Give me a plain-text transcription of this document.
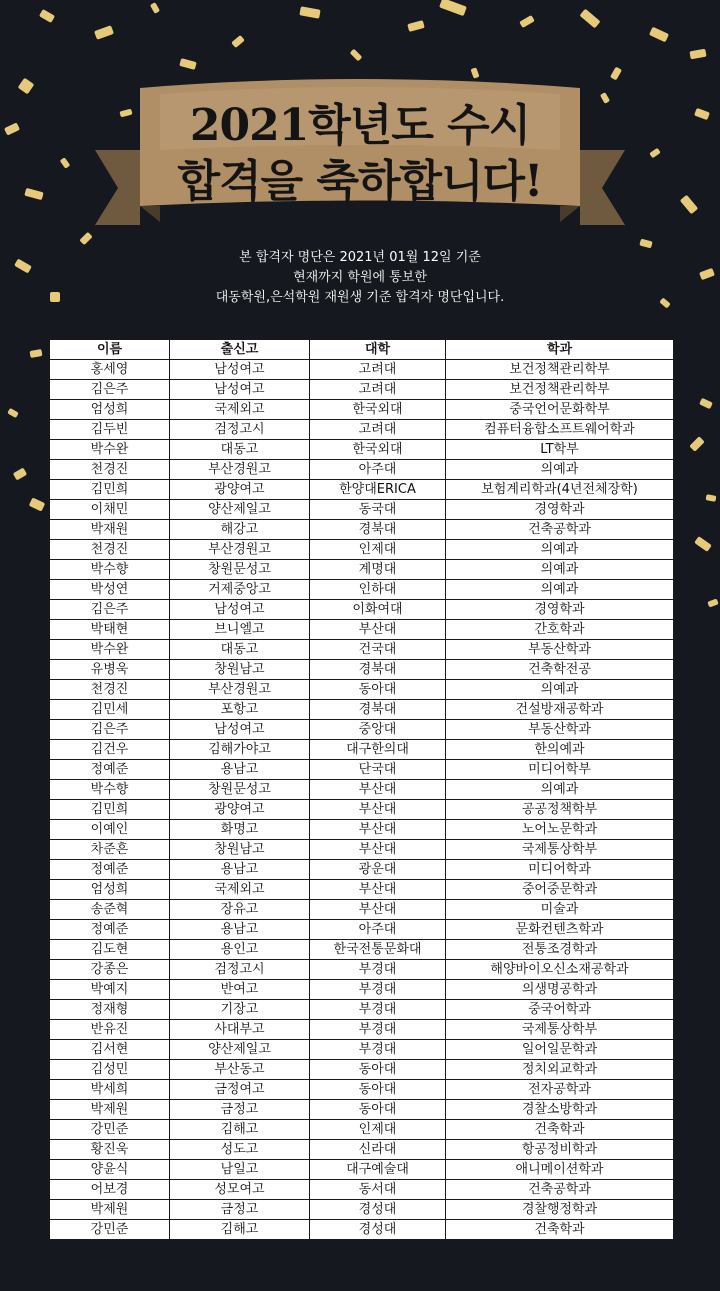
2021학년도 수시
합격을 축하합니다!
본 합격자 명단은 2021년 01월 12일 기준
현재까지 학원에 통보한
대동학원,은석학원 재원생 기준 합격자 명단입니다.
이름	출신고	대학	학과
홍세영	남성여고	고려대	보건정책관리학부
김은주	남성여고	고려대	보건정책관리학부
엄성희	국제외고	한국외대	중국언어문화학부
김두빈	검정고시	고려대	컴퓨터융합소프트웨어학과
박수완	대동고	한국외대	LT학부
천경진	부산경원고	아주대	의예과
김민희	광양여고	한양대ERICA	보험계리학과(4년전체장학)
이채민	양산제일고	동국대	경영학과
박재원	해강고	경북대	건축공학과
천경진	부산경원고	인제대	의예과
박수향	창원문성고	계명대	의예과
박성연	거제중앙고	인하대	의예과
김은주	남성여고	이화여대	경영학과
박태현	브니엘고	부산대	간호학과
박수완	대동고	건국대	부동산학과
유병욱	창원남고	경북대	건축학전공
천경진	부산경원고	동아대	의예과
김민세	포항고	경북대	건설방재공학과
김은주	남성여고	중앙대	부동산학과
김건우	김해가야고	대구한의대	한의예과
정예준	용남고	단국대	미디어학부
박수향	창원문성고	부산대	의예과
김민희	광양여고	부산대	공공정책학부
이예인	화명고	부산대	노어노문학과
차준흔	창원남고	부산대	국제통상학부
정예준	용남고	광운대	미디어학과
엄성희	국제외고	부산대	중어중문학과
송준혁	장유고	부산대	미술과
정예준	용남고	아주대	문화컨텐츠학과
김도현	용인고	한국전통문화대	전통조경학과
강종은	검정고시	부경대	해양바이오신소재공학과
박예지	반여고	부경대	의생명공학과
정재형	기장고	부경대	중국어학과
반유진	사대부고	부경대	국제통상학부
김서현	양산제일고	부경대	일어일문학과
김성민	부산동고	동아대	정치외교학과
박세희	금정여고	동아대	전자공학과
박제원	금정고	동아대	경찰소방학과
강민준	김해고	인제대	건축학과
황진욱	성도고	신라대	항공정비학과
양윤식	남일고	대구예술대	애니메이션학과
어보경	성모여고	동서대	건축공학과
박제원	금정고	경성대	경찰행정학과
강민준	김해고	경성대	건축학과
